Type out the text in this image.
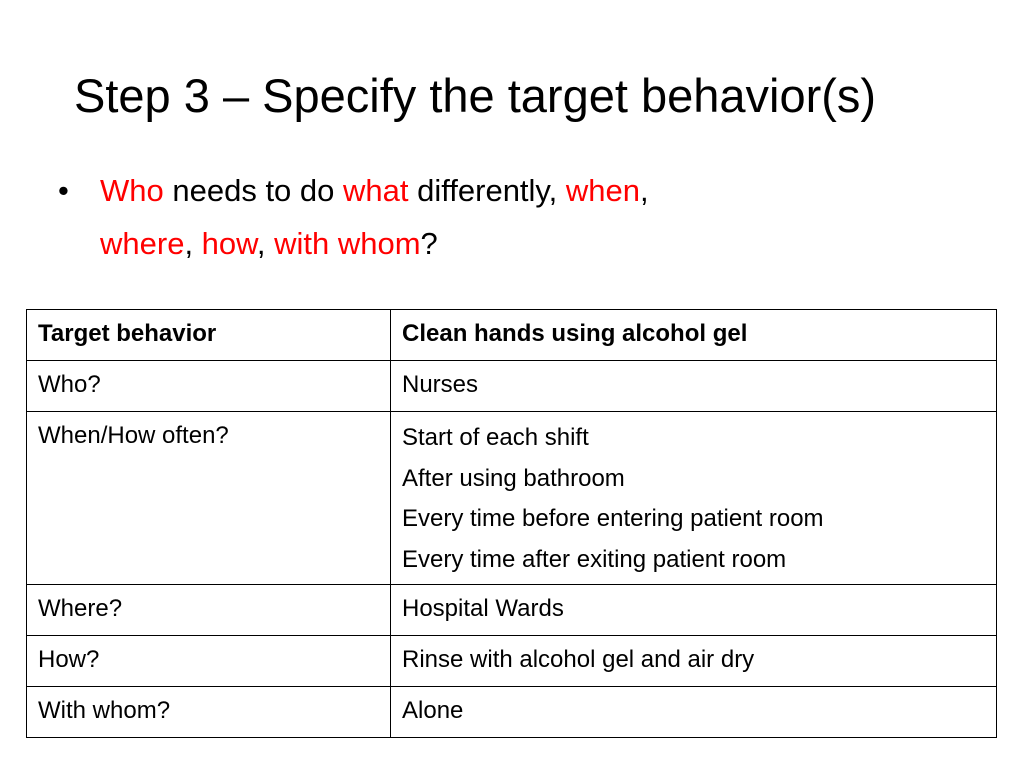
Step 3 – Specify the target behavior(s)
•	Who needs to do what differently, when,
where, how, with whom?
Target behavior	Clean hands using alcohol gel
Who?	Nurses
When/How often?	Start of each shift
After using bathroom
Every time before entering patient room
Every time after exiting patient room

Where?	Hospital Wards
How?	Rinse with alcohol gel and air dry
With whom?	Alone
